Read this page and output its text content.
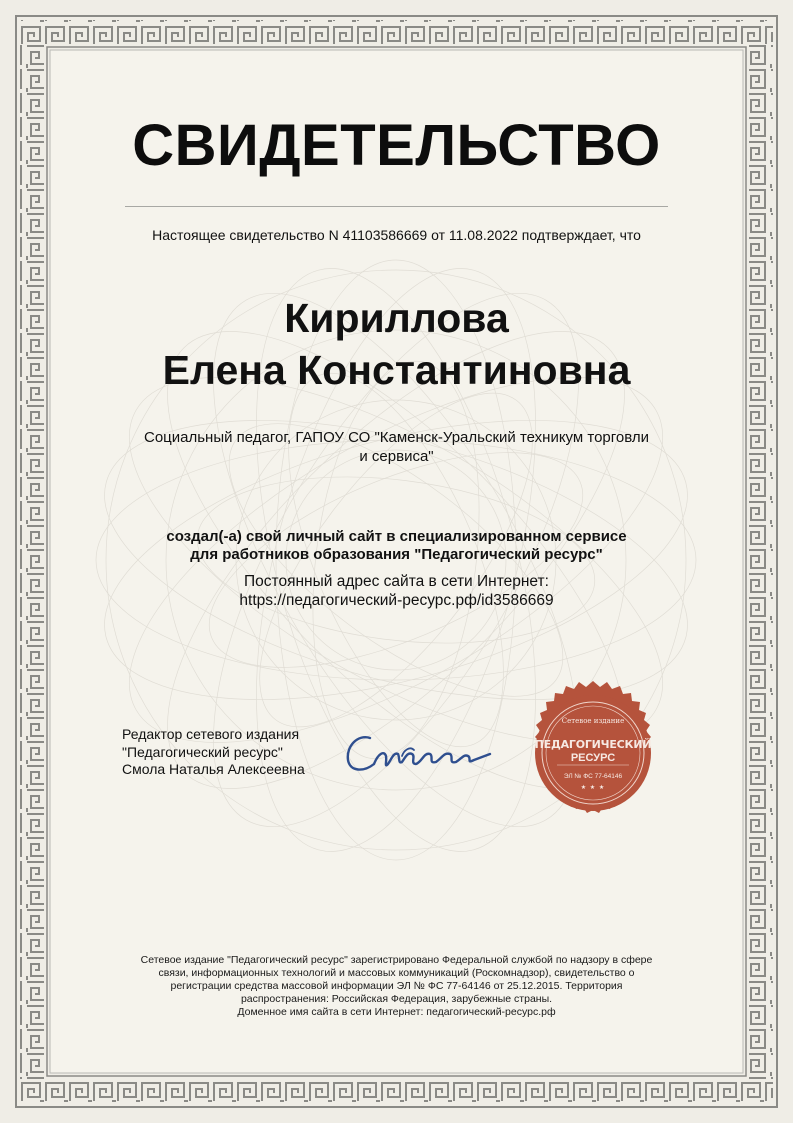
СВИДЕТЕЛЬСТВО
Настоящее свидетельство N 41103586669 от 11.08.2022 подтверждает, что
Кириллова
Елена Константиновна
Социальный педагог, ГАПОУ СО "Каменск-Уральский техникум торговли
и сервиса"
создал(-а) свой личный сайт в специализированном сервисе
для работников образования "Педагогический ресурс"
Постоянный адрес сайта в сети Интернет:
https://педагогический-ресурс.рф/id3586669
Редактор сетевого издания
"Педагогический ресурс"
Смола Наталья Алексеевна
Сетевое издание
ПЕДАГОГИЧЕСКИЙ
РЕСУРС
ЭЛ № ФС 77-64146
★ ★ ★
Сетевое издание "Педагогический ресурс" зарегистрировано Федеральной службой по надзору в сфере
связи, информационных технологий и массовых коммуникаций (Роскомнадзор), свидетельство о
регистрации средства массовой информации ЭЛ № ФС 77-64146 от 25.12.2015. Территория
распространения: Российская Федерация, зарубежные страны.
Доменное имя сайта в сети Интернет: педагогический-ресурс.рф
